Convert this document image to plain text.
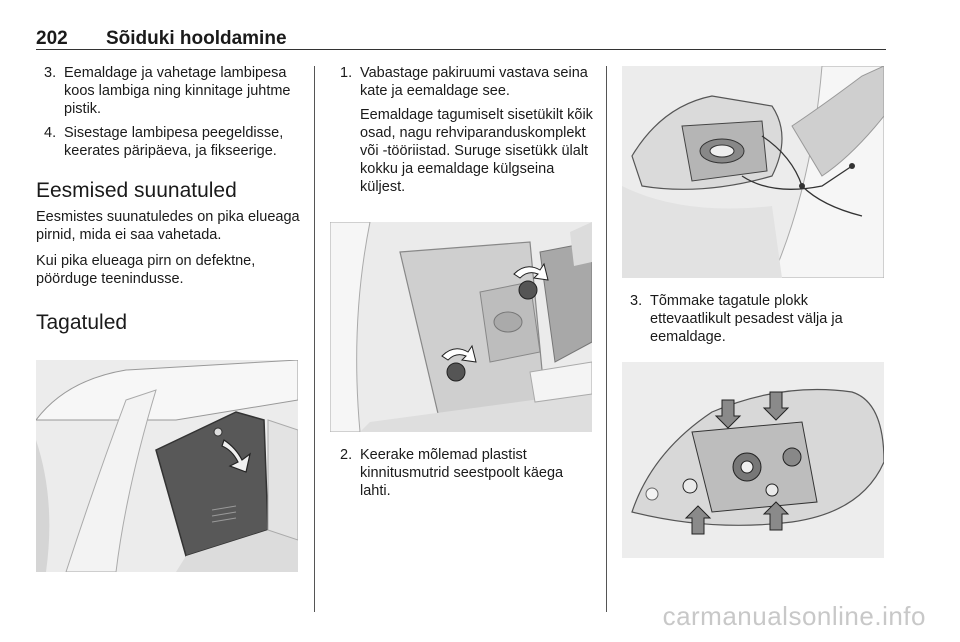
202 Sõiduki hooldamine
3. Eemaldage ja vahetage lambipesa koos lambiga ning kinnitage juhtme pistik.
4. Sisestage lambipesa peegeldisse, keerates päripäeva, ja fikseerige.
Eesmised suunatuled

Eesmistes suunatuledes on pika elueaga pirnid, mida ei saa vahetada.

Kui pika elueaga pirn on defektne, pöörduge teenindusse.

Tagatuled
1. Vabastage pakiruumi vastava seina kate ja eemaldage see.

Eemaldage tagumiselt sisetükilt kõik osad, nagu rehviparanduskomplekt või -tööriistad. Suruge sisetükk ülalt kokku ja eemaldage külgseina küljest.

2. Keerake mõlemad plastist kinnitusmutrid seestpoolt käega lahti.
3. Tõmmake tagatule plokk ettevaatlikult pesadest välja ja eemaldage.
carmanualsonline.info
